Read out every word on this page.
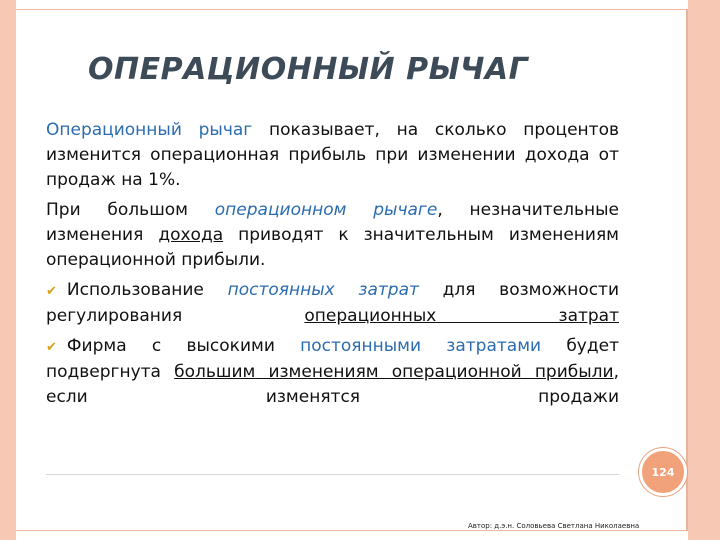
ОПЕРАЦИОННЫЙ РЫЧАГ

Операционный рычаг показывает, на сколько процентов изменится операционная прибыль при изменении дохода от продаж на 1%.

При большом операционном рычаге, незначительные изменения дохода приводят к значительным изменениям операционной прибыли.

✔ Использование постоянных затрат для возможности регулирования операционных затрат

✔ Фирма с высокими постоянными затратами будет подвергнута большим изменениям операционной прибыли, если изменятся продажи

124
Автор: д.э.н. Соловьева Светлана Николаевна
